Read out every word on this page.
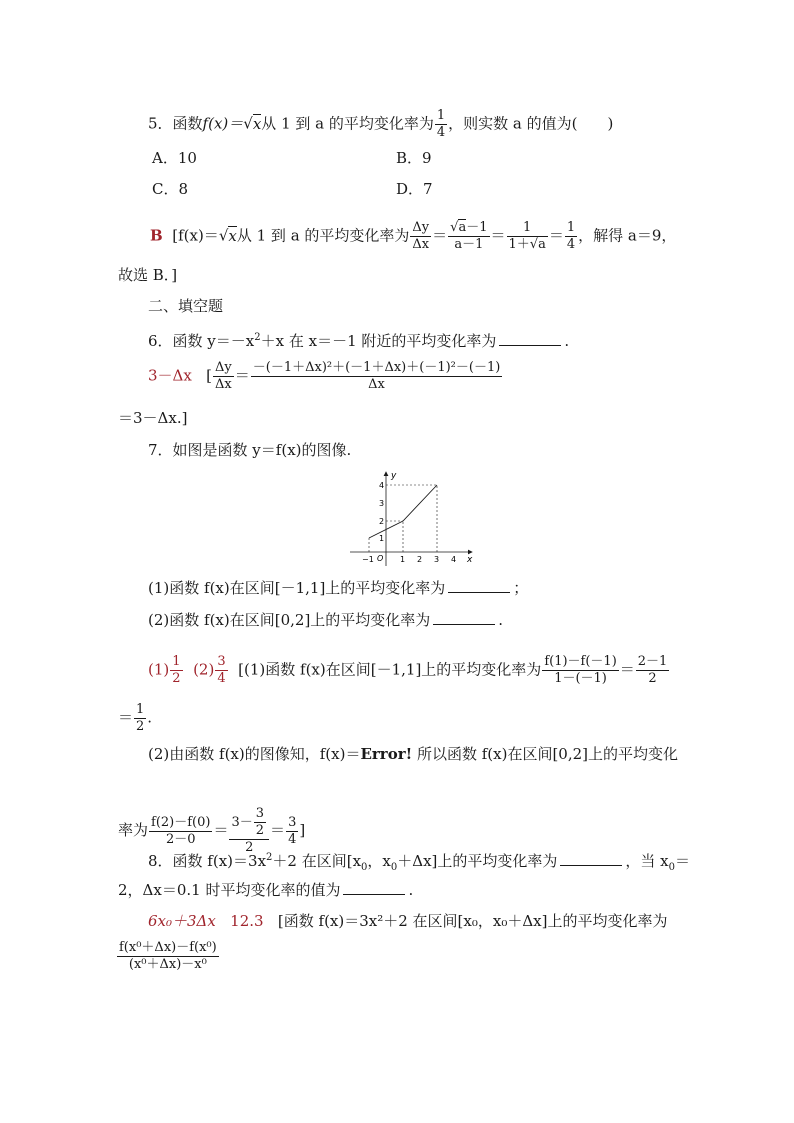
5．函数f(x)＝√x从 1 到 a 的平均变化率为 $\frac{1}{4}$ ，则实数 a 的值为(　　)
A．10	B．9
C．8	D．7
B [f(x)＝√x从 1 到 a 的平均变化率为 $\frac{\Delta y}{\Delta x} = \frac{√a-1}{a-1} = \frac{1}{1+√a} = \frac{1}{4}$ ，解得 a＝9，
故选 B．]
二、填空题
6．函数 $y=-x^2+x$ 在 x＝－1 附近的平均变化率为	.
3－Δx [ $\frac{\Delta y}{\Delta x} = \frac{\text{－(－1＋Δx)²＋(－1＋Δx)＋(－1)²－(－1)}}{\Delta x}$
＝3－Δx.]
7．如图是函数 y＝f(x)的图像.
y
x
O
−1	1 2 3 4
1
2
3
4
(1)函数 f(x)在区间[－1,1]上的平均变化率为	；
(2)函数 f(x)在区间[0,2]上的平均变化率为	.
$(1) \frac{1}{2} (2) \frac{3}{4} [(1)$函数 f(x)在区间[－1,1]上的平均变化率为 $\frac{f(1)-f(-1)}{1-(-1)} = \frac{2-1}{2}$
＝ $\frac{1}{2}$ .
(2)由函数 f(x)的图像知，f(x)＝Error! 所以函数 f(x)在区间[0,2]上的平均变化
率为 $\frac{f(2)-f(0)}{2-0} = \frac{3- \frac{3}{2}}{2} = \frac{3}{4}$ ]
8．函数 $f(x)=3x^2+2$ 在区间[$x_0$，$x_0+\Delta x$]上的平均变化率为	，当 $x_0=$
2，Δx＝0.1 时平均变化率的值为	.
6x₀＋3Δx 12.3 [函数 f(x)＝3x²＋2 在区间[x₀，x₀＋Δx]上的平均变化率为
$\frac{\text{f(x⁰＋Δx)－f(x⁰)}}{\text{(x⁰＋Δx)－x⁰}}$
